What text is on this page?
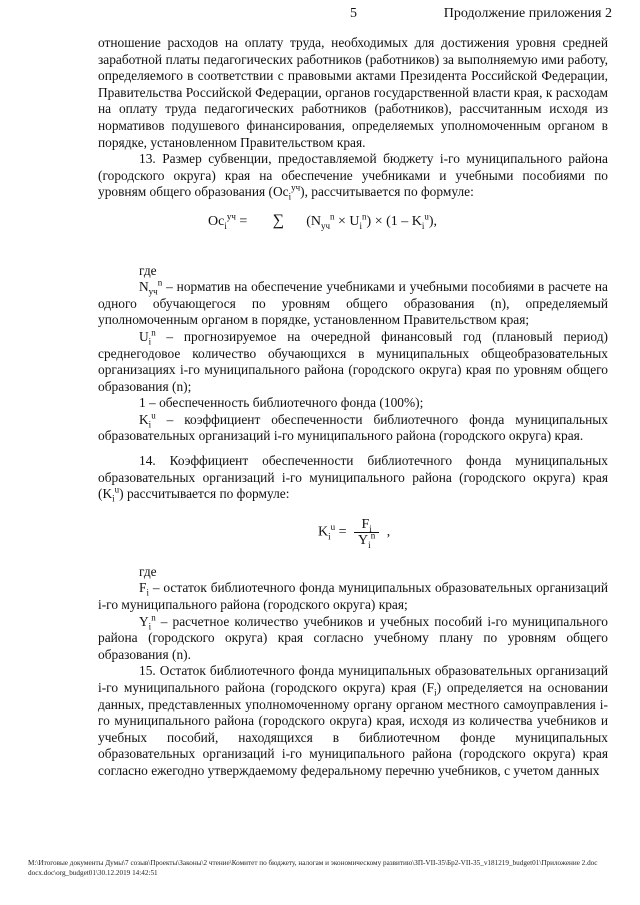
5	Продолжение приложения 2

отношение расходов на оплату труда, необходимых для достижения уровня средней заработной платы педагогических работников (работников) за выполняемую ими работу, определяемого в соответствии с правовыми актами Президента Российской Федерации, Правительства Российской Федерации, органов государственной власти края, к расходам на оплату труда педагогических работников (работников), рассчитанным исходя из нормативов подушевого финансирования, определяемых уполномоченным органом в порядке, установленном Правительством края.

13. Размер субвенции, предоставляемой бюджету i-го муниципального района (городского округа) края на обеспечение учебниками и учебными пособиями по уровням общего образования $(Oc_i^{уч})$, рассчитывается по формуле:

$Oc_i^{уч}$ = ∑ $(N_{уч}^n \times U_i^n) \times (1 - K_i^u)$,

где

$N_{уч}^n$ – норматив на обеспечение учебниками и учебными пособиями в расчете на одного обучающегося по уровням общего образования (n), определяемый уполномоченным органом в порядке, установленном Правительством края;

$U_i^n$ – прогнозируемое на очередной финансовый год (плановый период) среднегодовое количество обучающихся в муниципальных общеобразовательных организациях i-го муниципального района (городского округа) края по уровням общего образования (n);

1 – обеспеченность библиотечного фонда (100%);

$K_i^u$ – коэффициент обеспеченности библиотечного фонда муниципальных образовательных организаций i-го муниципального района (городского округа) края.

14. Коэффициент обеспеченности библиотечного фонда муниципальных образовательных организаций i-го муниципального района (городского округа) края $(K_i^u)$ рассчитывается по формуле:

$K_i^u = \frac{F_i}{Y_i^n}$ ,

где

$F_i$ – остаток библиотечного фонда муниципальных образовательных организаций i-го муниципального района (городского округа) края;

$Y_i^n$ – расчетное количество учебников и учебных пособий i-го муниципального района (городского округа) края согласно учебному плану по уровням общего образования (n).

15. Остаток библиотечного фонда муниципальных образовательных организаций i-го муниципального района (городского округа) края $(F_i)$ определяется на основании данных, представленных уполномоченному органу органом местного самоуправления i-го муниципального района (городского округа) края, исходя из количества учебников и учебных пособий, находящихся в библиотечном фонде муниципальных образовательных организаций i-го муниципального района (городского округа) края согласно ежегодно утверждаемому федеральному перечню учебников, с учетом данных

M:\Итоговые документы Думы\7 созыв\Проекты\Законы\2 чтение\Комитет по бюджету, налогам и экономическому развитию\ЗП-VII-35\Бр2-VII-35_v181219_budget01\Приложение 2.doc docx.doc\org_budget01\30.12.2019 14:42:51
